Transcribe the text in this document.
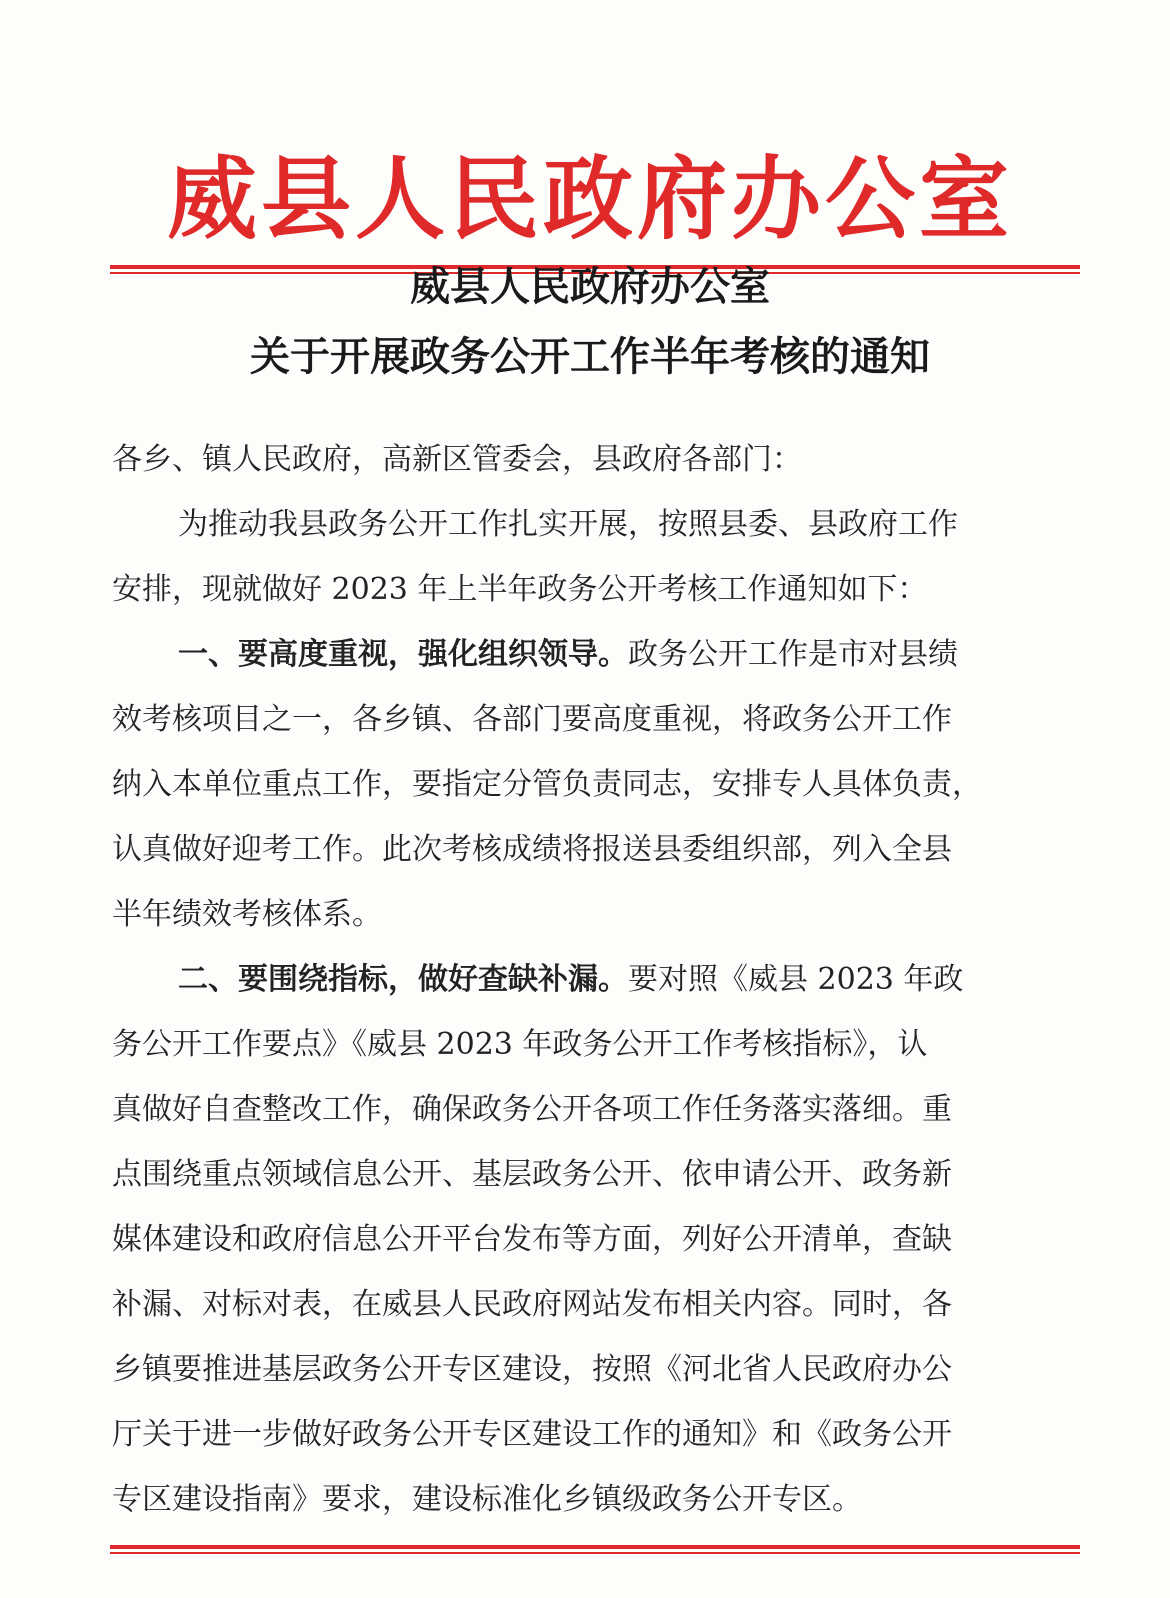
威县人民政府办公室
威县人民政府办公室
关于开展政务公开工作半年考核的通知
各乡、镇人民政府，高新区管委会，县政府各部门：
为推动我县政务公开工作扎实开展，按照县委、县政府工作
安排，现就做好 2023 年上半年政务公开考核工作通知如下：
一、要高度重视，强化组织领导。政务公开工作是市对县绩
效考核项目之一，各乡镇、各部门要高度重视，将政务公开工作
纳入本单位重点工作，要指定分管负责同志，安排专人具体负责，
认真做好迎考工作。此次考核成绩将报送县委组织部，列入全县
半年绩效考核体系。
二、要围绕指标，做好查缺补漏。要对照《威县 2023 年政
务公开工作要点》《威县 2023 年政务公开工作考核指标》，认
真做好自查整改工作，确保政务公开各项工作任务落实落细。重
点围绕重点领域信息公开、基层政务公开、依申请公开、政务新
媒体建设和政府信息公开平台发布等方面，列好公开清单，查缺
补漏、对标对表，在威县人民政府网站发布相关内容。同时，各
乡镇要推进基层政务公开专区建设，按照《河北省人民政府办公
厅关于进一步做好政务公开专区建设工作的通知》和《政务公开
专区建设指南》要求，建设标准化乡镇级政务公开专区。
